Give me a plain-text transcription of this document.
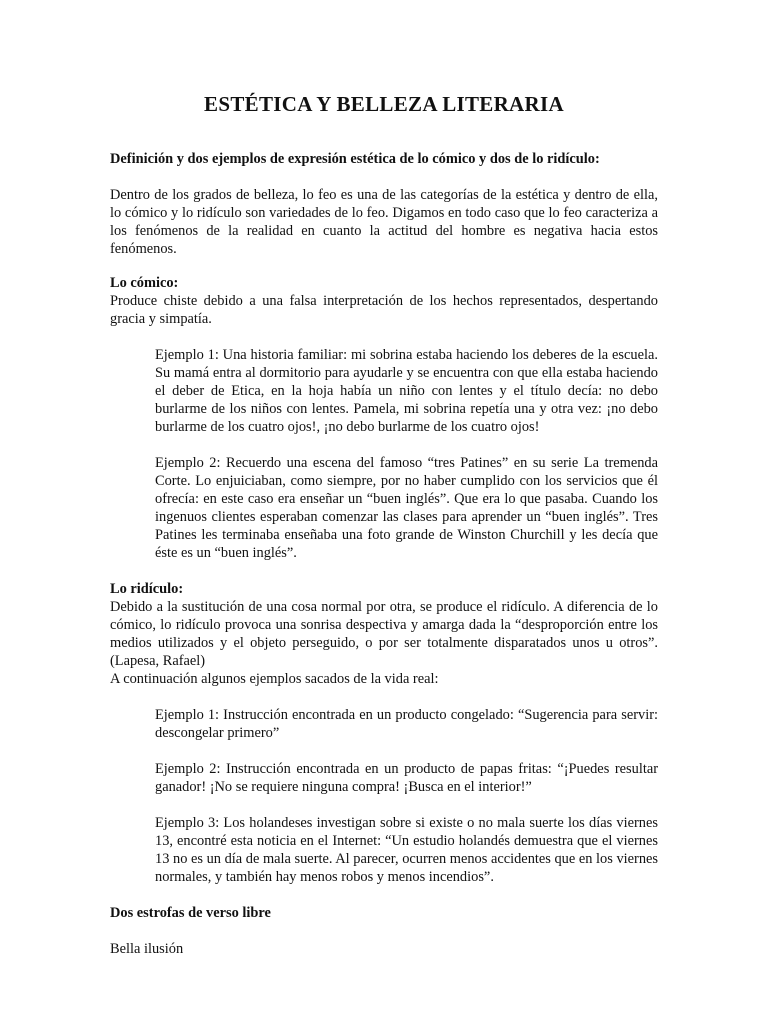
ESTÉTICA Y BELLEZA LITERARIA

Definición y dos ejemplos de expresión estética de lo cómico y dos de lo ridículo:

Dentro de los grados de belleza, lo feo es una de las categorías de la estética y dentro de ella, lo cómico y lo ridículo son variedades de lo feo. Digamos en todo caso que lo feo caracteriza a los fenómenos de la realidad en cuanto la actitud del hombre es negativa hacia estos fenómenos.

Lo cómico:

Produce chiste debido a una falsa interpretación de los hechos representados, despertando gracia y simpatía.

Ejemplo 1: Una historia familiar: mi sobrina estaba haciendo los deberes de la escuela. Su mamá entra al dormitorio para ayudarle y se encuentra con que ella estaba haciendo el deber de Etica, en la hoja había un niño con lentes y el título decía: no debo burlarme de los niños con lentes. Pamela, mi sobrina repetía una y otra vez: ¡no debo burlarme de los cuatro ojos!, ¡no debo burlarme de los cuatro ojos!

Ejemplo 2: Recuerdo una escena del famoso “tres Patines” en su serie La tremenda Corte. Lo enjuiciaban, como siempre, por no haber cumplido con los servicios que él ofrecía: en este caso era enseñar un “buen inglés”. Que era lo que pasaba. Cuando los ingenuos clientes esperaban comenzar las clases para aprender un “buen inglés”. Tres Patines les terminaba enseñaba una foto grande de Winston Churchill y les decía que éste es un “buen inglés”.

Lo ridículo:

Debido a la sustitución de una cosa normal por otra, se produce el ridículo. A diferencia de lo cómico, lo ridículo provoca una sonrisa despectiva y amarga dada la “desproporción entre los medios utilizados y el objeto perseguido, o por ser totalmente disparatados unos u otros”. (Lapesa, Rafael)

A continuación algunos ejemplos sacados de la vida real:

Ejemplo 1: Instrucción encontrada en un producto congelado: “Sugerencia para servir: descongelar primero”

Ejemplo 2: Instrucción encontrada en un producto de papas fritas: “¡Puedes resultar ganador! ¡No se requiere ninguna compra! ¡Busca en el interior!”

Ejemplo 3: Los holandeses investigan sobre si existe o no mala suerte los días viernes 13, encontré esta noticia en el Internet: “Un estudio holandés demuestra que el viernes 13 no es un día de mala suerte. Al parecer, ocurren menos accidentes que en los viernes normales, y también hay menos robos y menos incendios”.

Dos estrofas de verso libre

Bella ilusión
